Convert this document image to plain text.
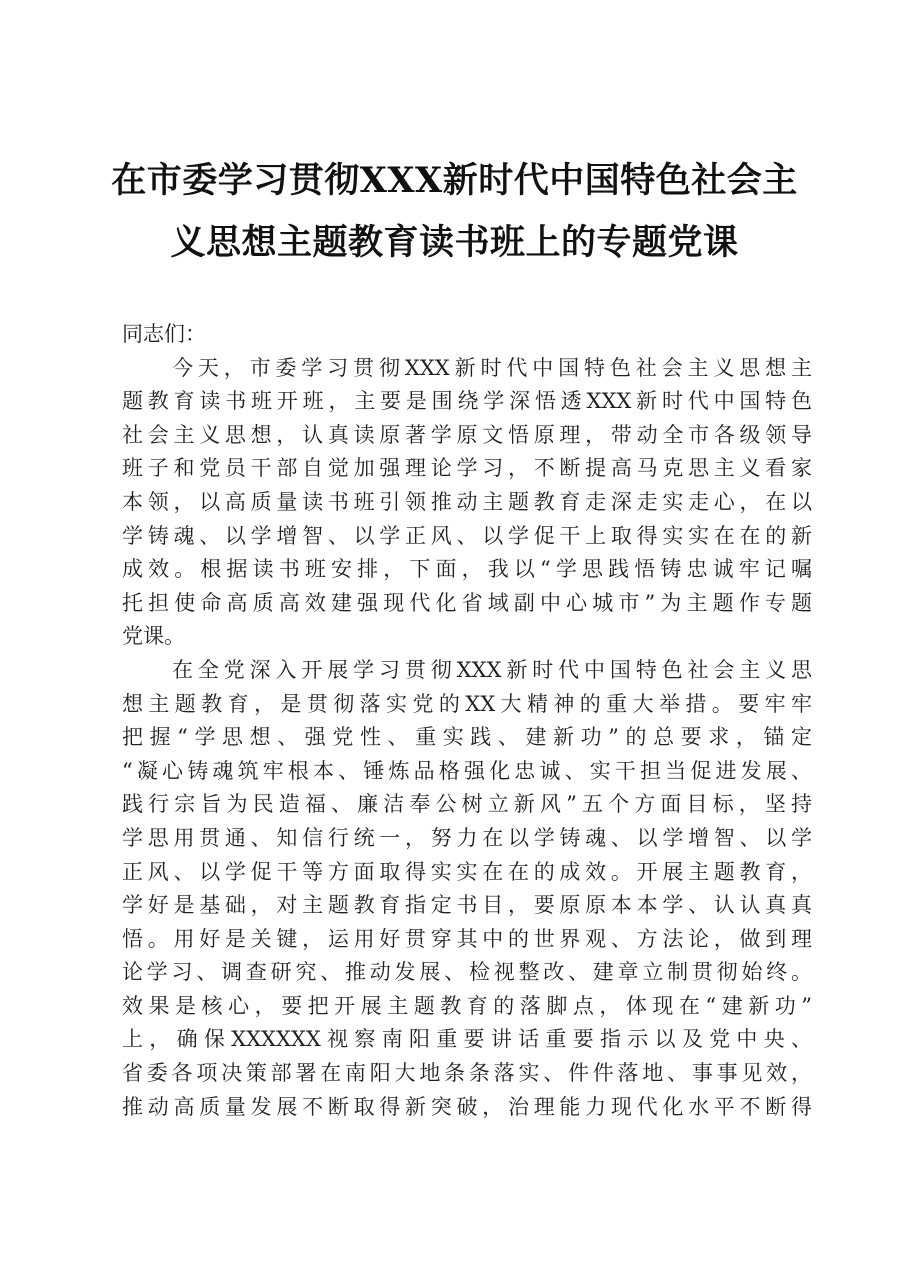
在市委学习贯彻XXX新时代中国特色社会主
义思想主题教育读书班上的专题党课

同志们：

今天，市委学习贯彻XXX新时代中国特色社会主义思想主
题教育读书班开班，主要是围绕学深悟透XXX新时代中国特色
社会主义思想，认真读原著学原文悟原理，带动全市各级领导
班子和党员干部自觉加强理论学习，不断提高马克思主义看家
本领，以高质量读书班引领推动主题教育走深走实走心，在以
学铸魂、以学增智、以学正风、以学促干上取得实实在在的新
成效。根据读书班安排，下面，我以“学思践悟铸忠诚牢记嘱
托担使命高质高效建强现代化省域副中心城市”为主题作专题
党课。
在全党深入开展学习贯彻XXX新时代中国特色社会主义思
想主题教育，是贯彻落实党的XX大精神的重大举措。要牢牢
把握“学思想、强党性、重实践、建新功”的总要求，锚定
“凝心铸魂筑牢根本、锤炼品格强化忠诚、实干担当促进发展、
践行宗旨为民造福、廉洁奉公树立新风”五个方面目标，坚持
学思用贯通、知信行统一，努力在以学铸魂、以学增智、以学
正风、以学促干等方面取得实实在在的成效。开展主题教育，
学好是基础，对主题教育指定书目，要原原本本学、认认真真
悟。用好是关键，运用好贯穿其中的世界观、方法论，做到理
论学习、调查研究、推动发展、检视整改、建章立制贯彻始终。
效果是核心，要把开展主题教育的落脚点，体现在“建新功”
上，确保XXXXXX视察南阳重要讲话重要指示以及党中央、
省委各项决策部署在南阳大地条条落实、件件落地、事事见效，
推动高质量发展不断取得新突破，治理能力现代化水平不断得
